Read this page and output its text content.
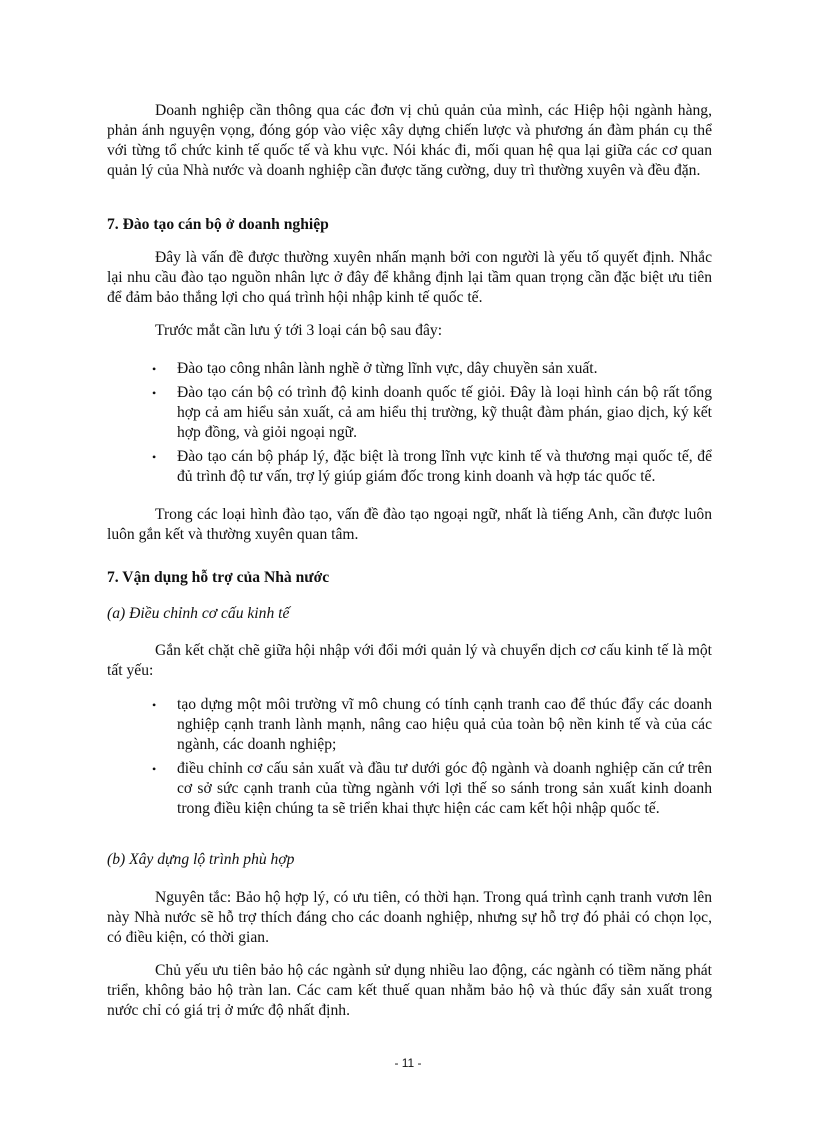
Doanh nghiệp cần thông qua các đơn vị chủ quản của mình, các Hiệp hội ngành hàng, phản ánh nguyện vọng, đóng góp vào việc xây dựng chiến lược và phương án đàm phán cụ thể với từng tổ chức kinh tế quốc tế và khu vực. Nói khác đi, mối quan hệ qua lại giữa các cơ quan quản lý của Nhà nước và doanh nghiệp cần được tăng cường, duy trì thường xuyên và đều đặn.

7. Đào tạo cán bộ ở doanh nghiệp

Đây là vấn đề được thường xuyên nhấn mạnh bởi con người là yếu tố quyết định. Nhắc lại nhu cầu đào tạo nguồn nhân lực ở đây để khẳng định lại tầm quan trọng cần đặc biệt ưu tiên để đảm bảo thắng lợi cho quá trình hội nhập kinh tế quốc tế.

Trước mắt cần lưu ý tới 3 loại cán bộ sau đây:

• Đào tạo công nhân lành nghề ở từng lĩnh vực, dây chuyền sản xuất.
• Đào tạo cán bộ có trình độ kinh doanh quốc tế giỏi. Đây là loại hình cán bộ rất tổng hợp cả am hiểu sản xuất, cả am hiểu thị trường, kỹ thuật đàm phán, giao dịch, ký kết hợp đồng, và giỏi ngoại ngữ.
• Đào tạo cán bộ pháp lý, đặc biệt là trong lĩnh vực kinh tế và thương mại quốc tế, để đủ trình độ tư vấn, trợ lý giúp giám đốc trong kinh doanh và hợp tác quốc tế.

Trong các loại hình đào tạo, vấn đề đào tạo ngoại ngữ, nhất là tiếng Anh, cần được luôn luôn gắn kết và thường xuyên quan tâm.

7. Vận dụng hỗ trợ của Nhà nước

(a) Điều chỉnh cơ cấu kinh tế

Gắn kết chặt chẽ giữa hội nhập với đổi mới quản lý và chuyển dịch cơ cấu kinh tế là một tất yếu:

• tạo dựng một môi trường vĩ mô chung có tính cạnh tranh cao để thúc đẩy các doanh nghiệp cạnh tranh lành mạnh, nâng cao hiệu quả của toàn bộ nền kinh tế và của các ngành, các doanh nghiệp;
• điều chỉnh cơ cấu sản xuất và đầu tư dưới góc độ ngành và doanh nghiệp căn cứ trên cơ sở sức cạnh tranh của từng ngành với lợi thế so sánh trong sản xuất kinh doanh trong điều kiện chúng ta sẽ triển khai thực hiện các cam kết hội nhập quốc tế.

(b) Xây dựng lộ trình phù hợp

Nguyên tắc: Bảo hộ hợp lý, có ưu tiên, có thời hạn. Trong quá trình cạnh tranh vươn lên này Nhà nước sẽ hỗ trợ thích đáng cho các doanh nghiệp, nhưng sự hỗ trợ đó phải có chọn lọc, có điều kiện, có thời gian.

Chủ yếu ưu tiên bảo hộ các ngành sử dụng nhiều lao động, các ngành có tiềm năng phát triển, không bảo hộ tràn lan. Các cam kết thuế quan nhằm bảo hộ và thúc đẩy sản xuất trong nước chỉ có giá trị ở mức độ nhất định.

- 11 -
